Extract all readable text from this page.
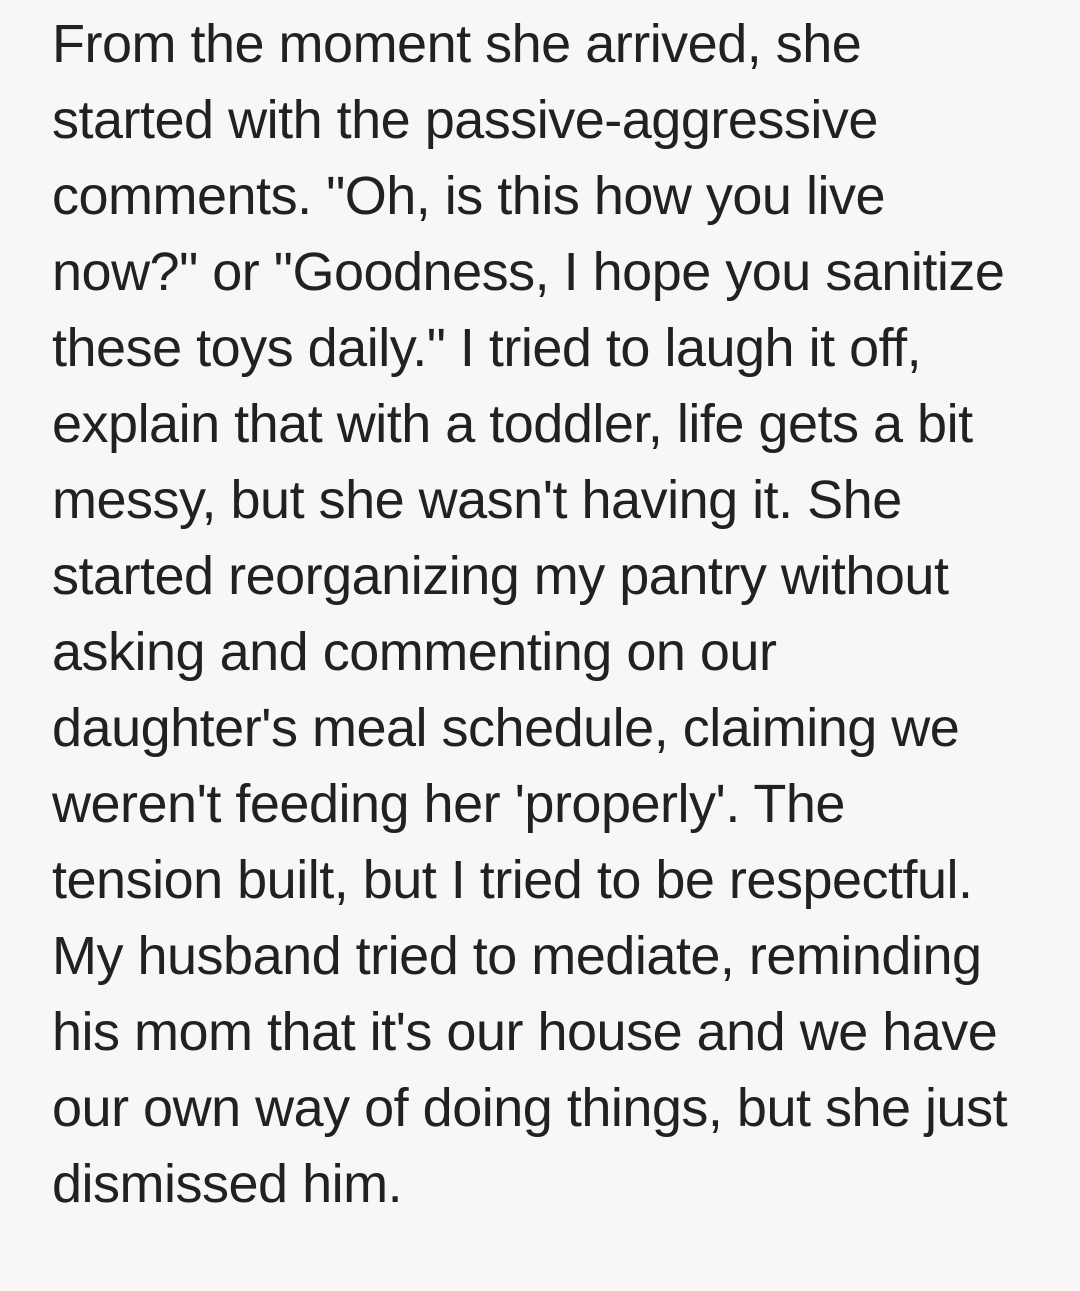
From the moment she arrived, she
started with the passive-aggressive
comments. "Oh, is this how you live
now?" or "Goodness, I hope you sanitize
these toys daily." I tried to laugh it off,
explain that with a toddler, life gets a bit
messy, but she wasn't having it. She
started reorganizing my pantry without
asking and commenting on our
daughter's meal schedule, claiming we
weren't feeding her 'properly'. The
tension built, but I tried to be respectful.
My husband tried to mediate, reminding
his mom that it's our house and we have
our own way of doing things, but she just
dismissed him.
